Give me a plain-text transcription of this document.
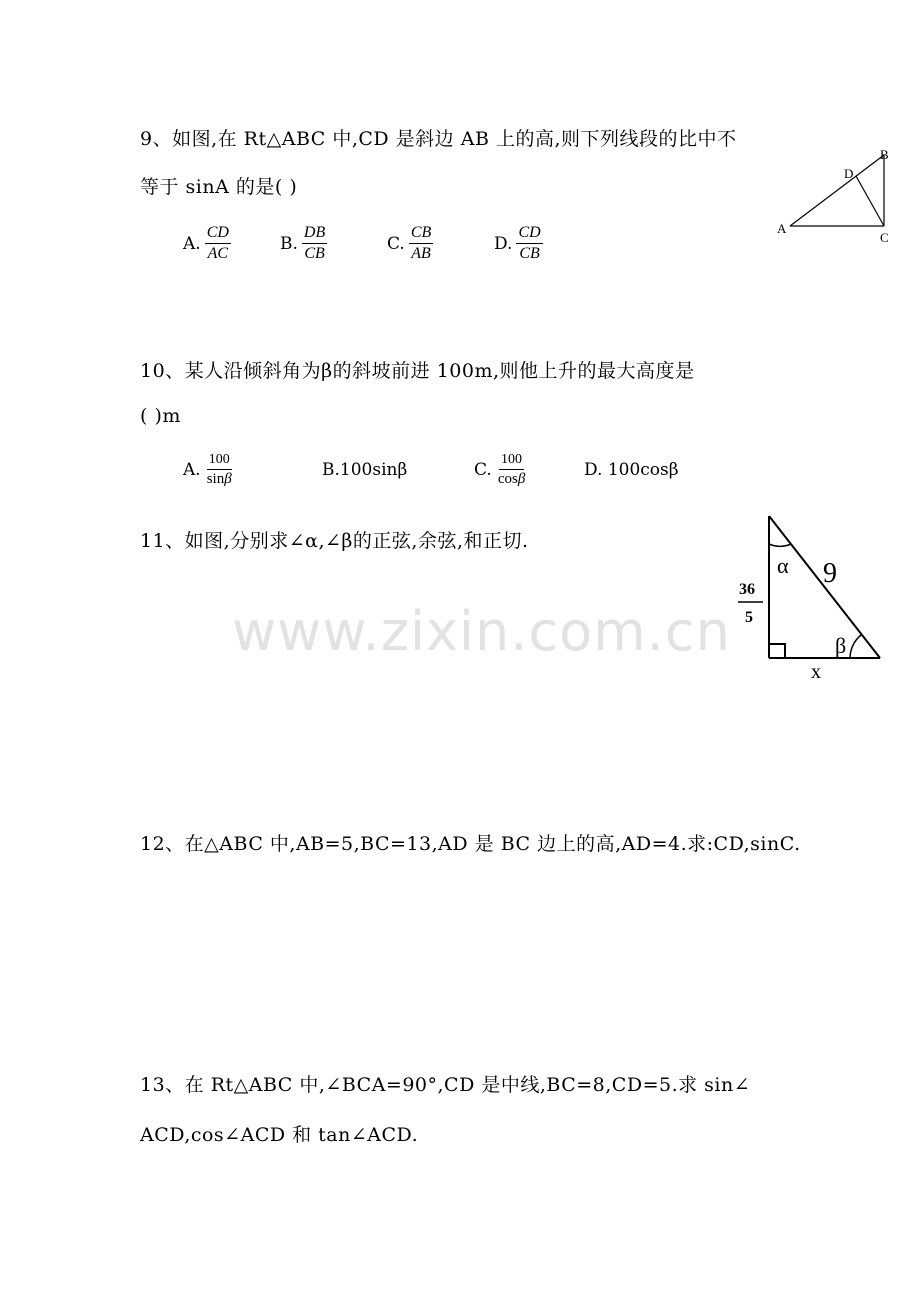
www.zixin.com.cn
9、如图,在 Rt△ABC 中,CD 是斜边 AB 上的高,则下列线段的比中不
等于 sinA 的是( )
A. $\frac{CD}{AC}$	B. $\frac{DB}{CB}$	C. $\frac{CB}{AB}$	D. $\frac{CD}{CB}$	A
B
C
D
10、某人沿倾斜角为β的斜坡前进 100m,则他上升的最大高度是
( )m
A. $\frac{100}{\sin\beta}$	B.100sinβ	C. $\frac{100}{\cos\beta}$	D. 100cosβ
11、如图,分别求∠α,∠β的正弦,余弦,和正切.
α 9
36
5
β
x
12、在△ABC 中,AB=5,BC=13,AD 是 BC 边上的高,AD=4.求:CD,sinC.
13、在 Rt△ABC 中,∠BCA=90°,CD 是中线,BC=8,CD=5.求 sin∠
ACD,cos∠ACD 和 tan∠ACD.
